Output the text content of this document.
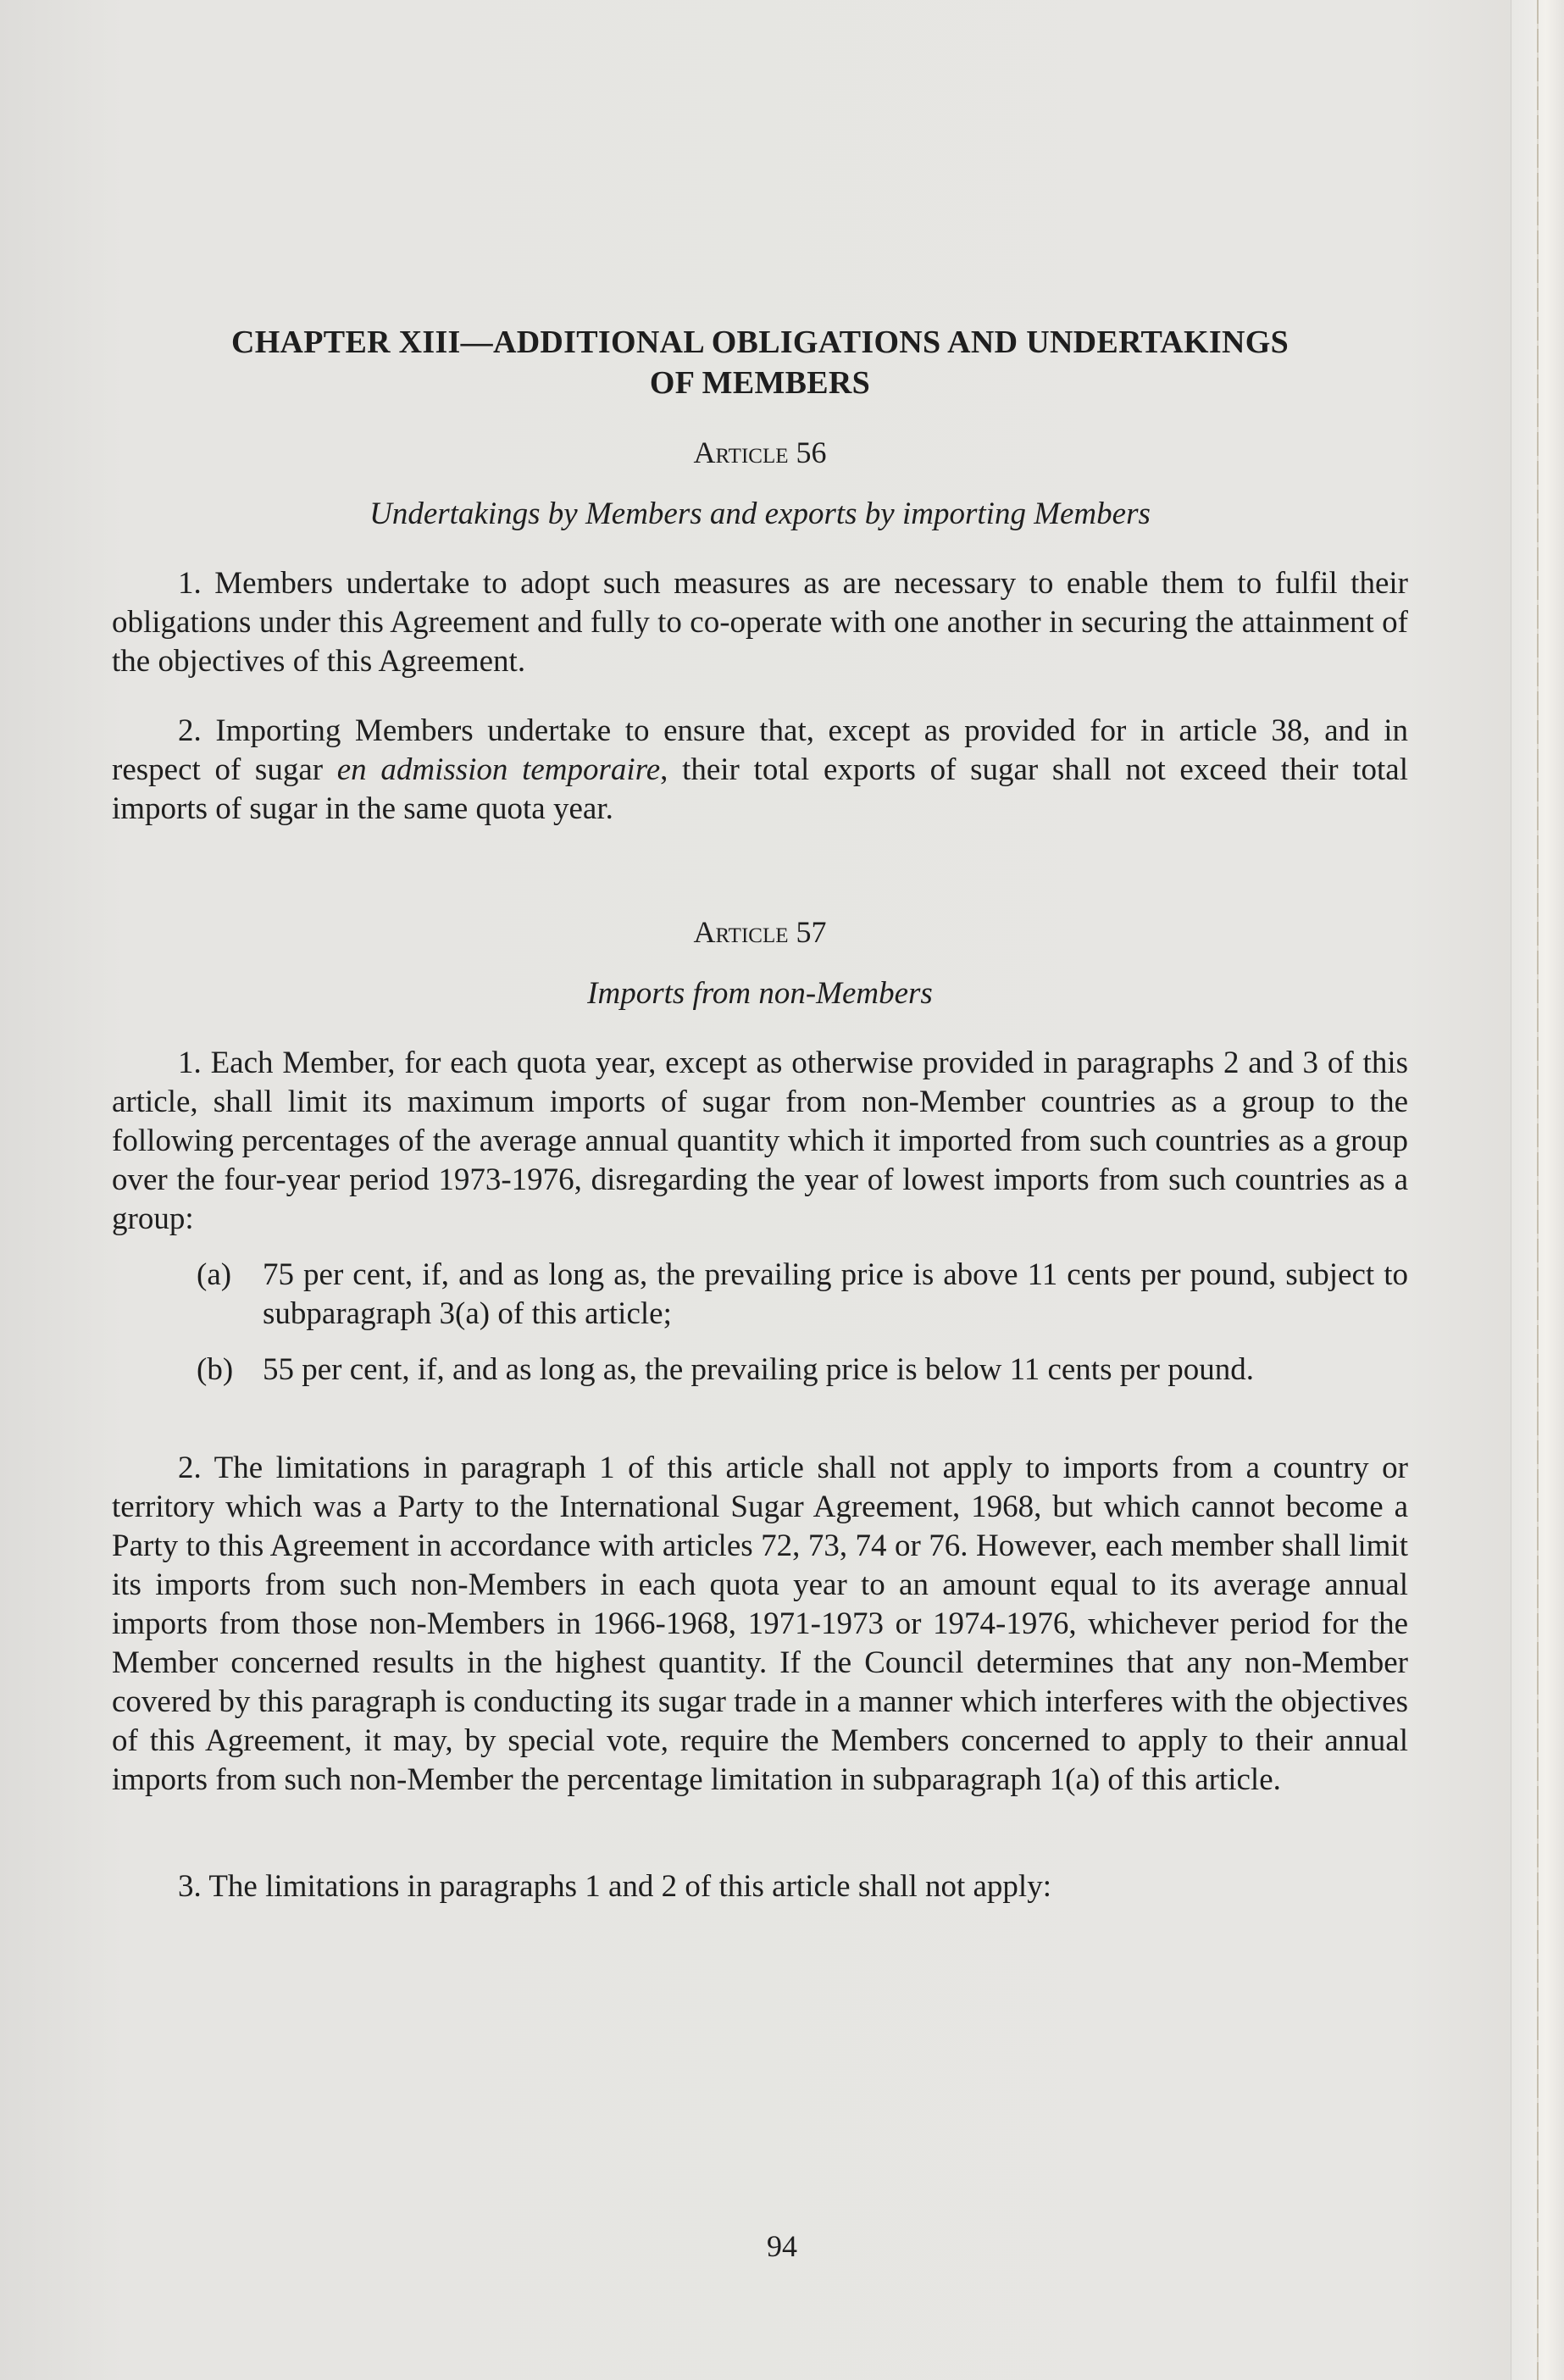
CHAPTER XIII—ADDITIONAL OBLIGATIONS AND UNDERTAKINGS
OF MEMBERS
Article 56
Undertakings by Members and exports by importing Members

1. Members undertake to adopt such measures as are necessary to enable them to fulfil their obligations under this Agreement and fully to co-operate with one another in securing the attainment of the objectives of this Agreement.

2. Importing Members undertake to ensure that, except as provided for in article 38, and in respect of sugar en admission temporaire, their total exports of sugar shall not exceed their total imports of sugar in the same quota year.

Article 57
Imports from non-Members

1. Each Member, for each quota year, except as otherwise provided in paragraphs 2 and 3 of this article, shall limit its maximum imports of sugar from non-Member countries as a group to the following percentages of the average annual quantity which it imported from such countries as a group over the four-year period 1973-1976, disregarding the year of lowest imports from such countries as a group:

(a) 75 per cent, if, and as long as, the prevailing price is above 11 cents per pound, subject to subparagraph 3(a) of this article;
(b) 55 per cent, if, and as long as, the prevailing price is below 11 cents per pound.

2. The limitations in paragraph 1 of this article shall not apply to imports from a country or territory which was a Party to the International Sugar Agreement, 1968, but which cannot become a Party to this Agreement in accordance with articles 72, 73, 74 or 76. However, each member shall limit its imports from such non-Members in each quota year to an amount equal to its average annual imports from those non-Members in 1966-1968, 1971-1973 or 1974-1976, whichever period for the Member concerned results in the highest quantity. If the Council determines that any non-Member covered by this paragraph is conducting its sugar trade in a manner which interferes with the objectives of this Agreement, it may, by special vote, require the Members concerned to apply to their annual imports from such non-Member the percentage limitation in subparagraph 1(a) of this article.

3. The limitations in paragraphs 1 and 2 of this article shall not apply:

94
